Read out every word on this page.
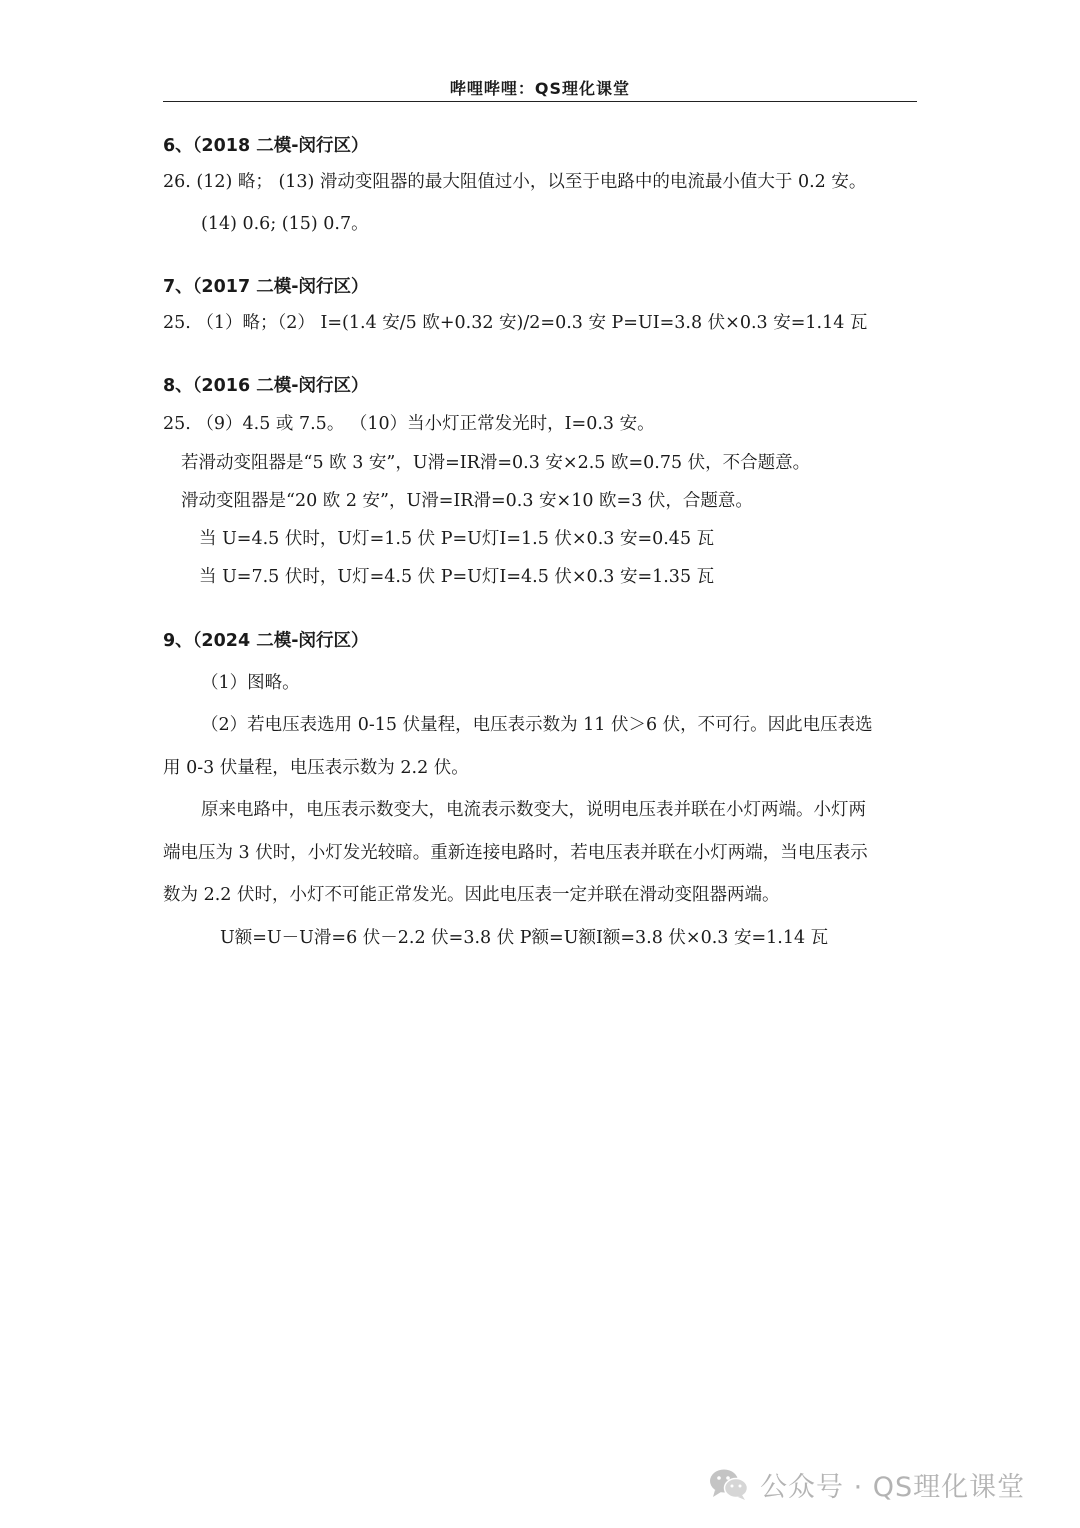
哔哩哔哩：QS理化课堂
6、（2018 二模-闵行区）
26. (12) 略； (13) 滑动变阻器的最大阻值过小，以至于电路中的电流最小值大于 0.2 安。
(14) 0.6; (15) 0.7。
7、（2017 二模-闵行区）
25. （1）略；（2） I=(1.4 安/5 欧+0.32 安)/2=0.3 安 P=UI=3.8 伏×0.3 安=1.14 瓦
8、（2016 二模-闵行区）
25. （9）4.5 或 7.5。 （10）当小灯正常发光时，I=0.3 安。
若滑动变阻器是“5 欧 3 安”，U滑=IR滑=0.3 安×2.5 欧=0.75 伏，不合题意。
滑动变阻器是“20 欧 2 安”，U滑=IR滑=0.3 安×10 欧=3 伏，合题意。
当 U=4.5 伏时，U灯=1.5 伏 P=U灯I=1.5 伏×0.3 安=0.45 瓦
当 U=7.5 伏时，U灯=4.5 伏 P=U灯I=4.5 伏×0.3 安=1.35 瓦
9、（2024 二模-闵行区）
（1）图略。
（2）若电压表选用 0-15 伏量程，电压表示数为 11 伏＞6 伏，不可行。因此电压表选
用 0-3 伏量程，电压表示数为 2.2 伏。
原来电路中，电压表示数变大，电流表示数变大，说明电压表并联在小灯两端。小灯两
端电压为 3 伏时，小灯发光较暗。重新连接电路时，若电压表并联在小灯两端，当电压表示
数为 2.2 伏时，小灯不可能正常发光。因此电压表一定并联在滑动变阻器两端。
U额=U－U滑=6 伏－2.2 伏=3.8 伏 P额=U额I额=3.8 伏×0.3 安=1.14 瓦
公众号 · QS理化课堂
